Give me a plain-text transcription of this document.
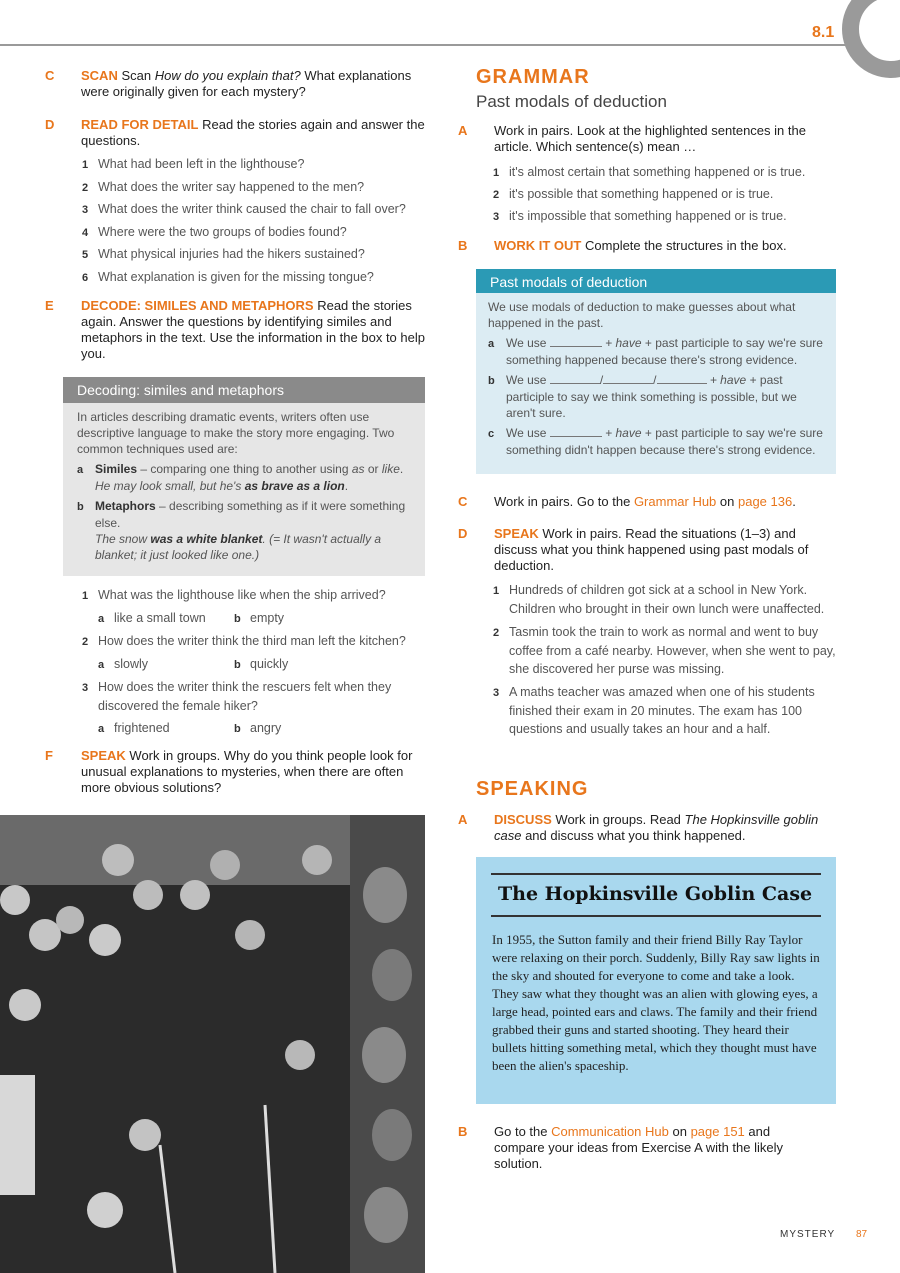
8.1
C SCAN Scan How do you explain that? What explanations were originally given for each mystery?
D READ FOR DETAIL Read the stories again and answer the questions.
1 What had been left in the lighthouse?
2 What does the writer say happened to the men?
3 What does the writer think caused the chair to fall over?
4 Where were the two groups of bodies found?
5 What physical injuries had the hikers sustained?
6 What explanation is given for the missing tongue?
E DECODE: SIMILES AND METAPHORS Read the stories again. Answer the questions by identifying similes and metaphors in the text. Use the information in the box to help you.
Decoding: similes and metaphors
In articles describing dramatic events, writers often use descriptive language to make the story more engaging. Two common techniques used are:
a Similes – comparing one thing to another using as or like.
He may look small, but he's as brave as a lion.
b Metaphors – describing something as if it were something else.
The snow was a white blanket. (= It wasn't actually a blanket; it just looked like one.)
1 What was the lighthouse like when the ship arrived?
a like a small town	b empty
2 How does the writer think the third man left the kitchen?
a slowly	b quickly
3 How does the writer think the rescuers felt when they discovered the female hiker?
a frightened	b angry
F SPEAK Work in groups. Why do you think people look for unusual explanations to mysteries, when there are often more obvious solutions?
GRAMMAR
Past modals of deduction
A Work in pairs. Look at the highlighted sentences in the article. Which sentence(s) mean …
1 it's almost certain that something happened or is true.
2 it's possible that something happened or is true.
3 it's impossible that something happened or is true.
B WORK IT OUT Complete the structures in the box.
Past modals of deduction
We use modals of deduction to make guesses about what happened in the past.
a We use	+ have + past participle to say we're sure something happened because there's strong evidence.
b We use	/	/	+ have + past participle to say we think something is possible, but we aren't sure.
c We use	+ have + past participle to say we're sure something didn't happen because there's strong evidence.
C Work in pairs. Go to the Grammar Hub on page 136.
D SPEAK Work in pairs. Read the situations (1–3) and discuss what you think happened using past modals of deduction.
1 Hundreds of children got sick at a school in New York. Children who brought in their own lunch were unaffected.
2 Tasmin took the train to work as normal and went to buy coffee from a café nearby. However, when she went to pay, she discovered her purse was missing.
3 A maths teacher was amazed when one of his students finished their exam in 20 minutes. The exam has 100 questions and usually takes an hour and a half.
SPEAKING
A DISCUSS Work in groups. Read The Hopkinsville goblin case and discuss what you think happened.
The Hopkinsville Goblin Case
In 1955, the Sutton family and their friend Billy Ray Taylor were relaxing on their porch. Suddenly, Billy Ray saw lights in the sky and shouted for everyone to come and take a look. They saw what they thought was an alien with glowing eyes, a large head, pointed ears and claws. The family and their friend grabbed their guns and started shooting. They heard their bullets hitting something metal, which they thought must have been the alien's spaceship.
B Go to the Communication Hub on page 151 and compare your ideas from Exercise A with the likely solution.
MYSTERY 87
